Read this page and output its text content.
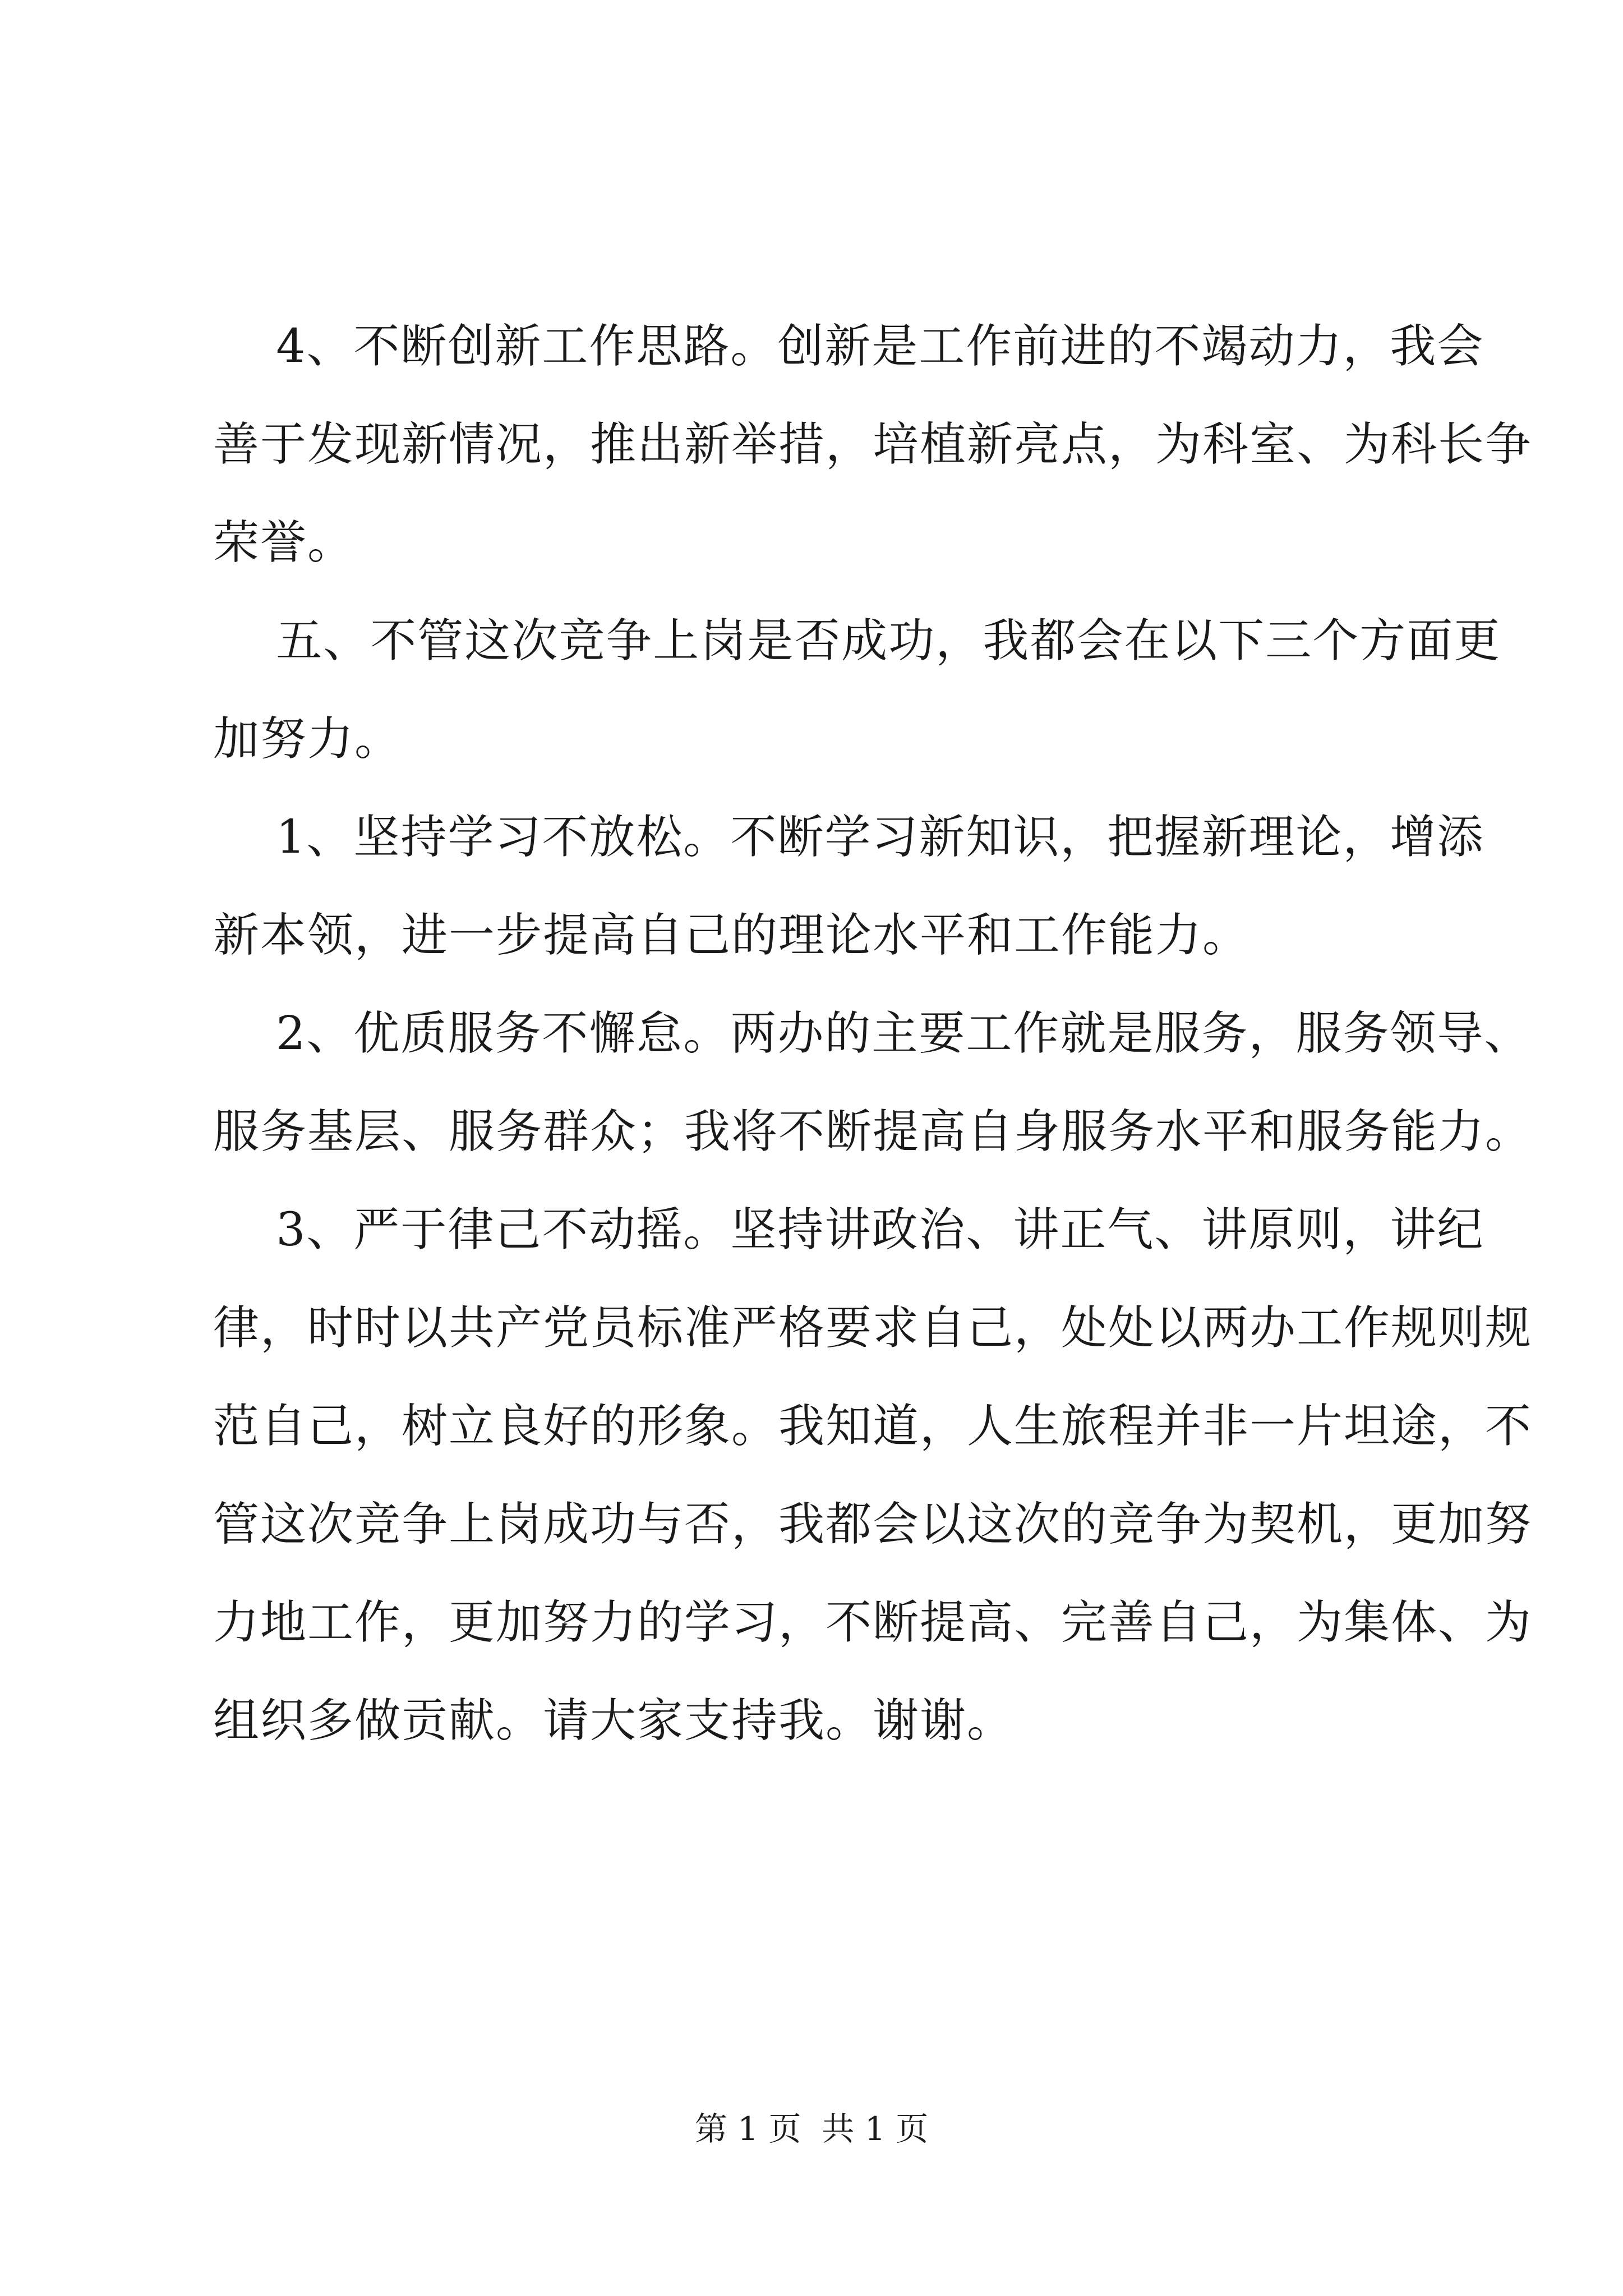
4、不断创新工作思路。创新是工作前进的不竭动力，我会
善于发现新情况，推出新举措，培植新亮点，为科室、为科长争
荣誉。
五、不管这次竞争上岗是否成功，我都会在以下三个方面更
加努力。
1、坚持学习不放松。不断学习新知识，把握新理论，增添
新本领，进一步提高自己的理论水平和工作能力。
2、优质服务不懈怠。两办的主要工作就是服务，服务领导、
服务基层、服务群众；我将不断提高自身服务水平和服务能力。
3、严于律己不动摇。坚持讲政治、讲正气、讲原则，讲纪
律，时时以共产党员标准严格要求自己，处处以两办工作规则规
范自己，树立良好的形象。我知道，人生旅程并非一片坦途，不
管这次竞争上岗成功与否，我都会以这次的竞争为契机，更加努
力地工作，更加努力的学习，不断提高、完善自己，为集体、为
组织多做贡献。请大家支持我。谢谢。
第 1 页  共 1 页
